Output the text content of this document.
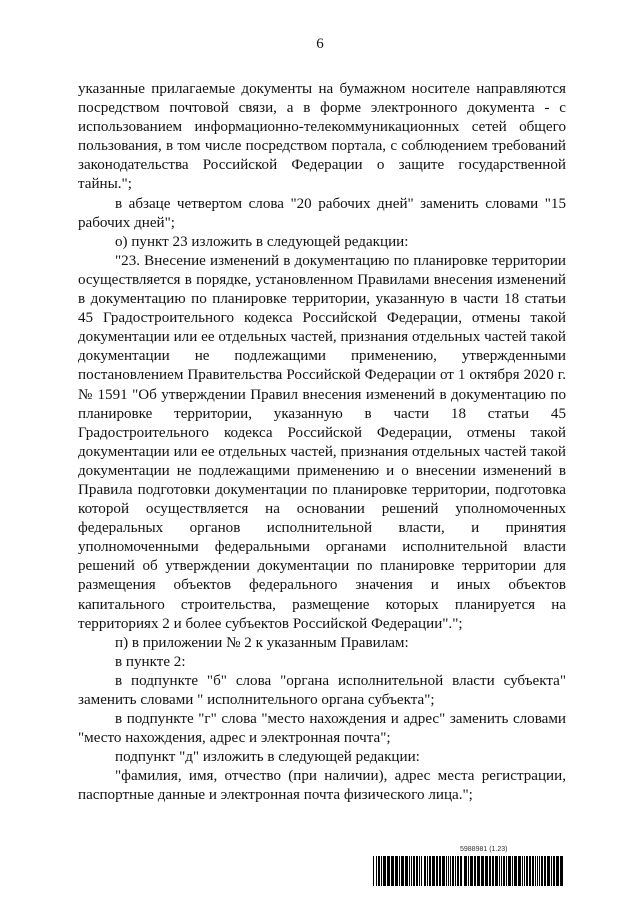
6

указанные прилагаемые документы на бумажном носителе направляются посредством почтовой связи, а в форме электронного документа - с использованием информационно-телекоммуникационных сетей общего пользования, в том числе посредством портала, с соблюдением требований законодательства Российской Федерации о защите государственной тайны.";

в абзаце четвертом слова "20 рабочих дней" заменить словами "15 рабочих дней";

о) пункт 23 изложить в следующей редакции:

"23. Внесение изменений в документацию по планировке территории осуществляется в порядке, установленном Правилами внесения изменений в документацию по планировке территории, указанную в части 18 статьи 45 Градостроительного кодекса Российской Федерации, отмены такой документации или ее отдельных частей, признания отдельных частей такой документации не подлежащими применению, утвержденными постановлением Правительства Российской Федерации от 1 октября 2020 г. № 1591 "Об утверждении Правил внесения изменений в документацию по планировке территории, указанную в части 18 статьи 45 Градостроительного кодекса Российской Федерации, отмены такой документации или ее отдельных частей, признания отдельных частей такой документации не подлежащими применению и о внесении изменений в Правила подготовки документации по планировке территории, подготовка которой осуществляется на основании решений уполномоченных федеральных органов исполнительной власти, и принятия уполномоченными федеральными органами исполнительной власти решений об утверждении документации по планировке территории для размещения объектов федерального значения и иных объектов капитального строительства, размещение которых планируется на территориях 2 и более субъектов Российской Федерации".";

п) в приложении № 2 к указанным Правилам:

в пункте 2:

в подпункте "б" слова "органа исполнительной власти субъекта" заменить словами " исполнительного органа субъекта";

в подпункте "г" слова "место нахождения и адрес" заменить словами "место нахождения, адрес и электронная почта";

подпункт "д" изложить в следующей редакции:

"фамилия, имя, отчество (при наличии), адрес места регистрации, паспортные данные и электронная почта физического лица.";

5988981 (1.23)
